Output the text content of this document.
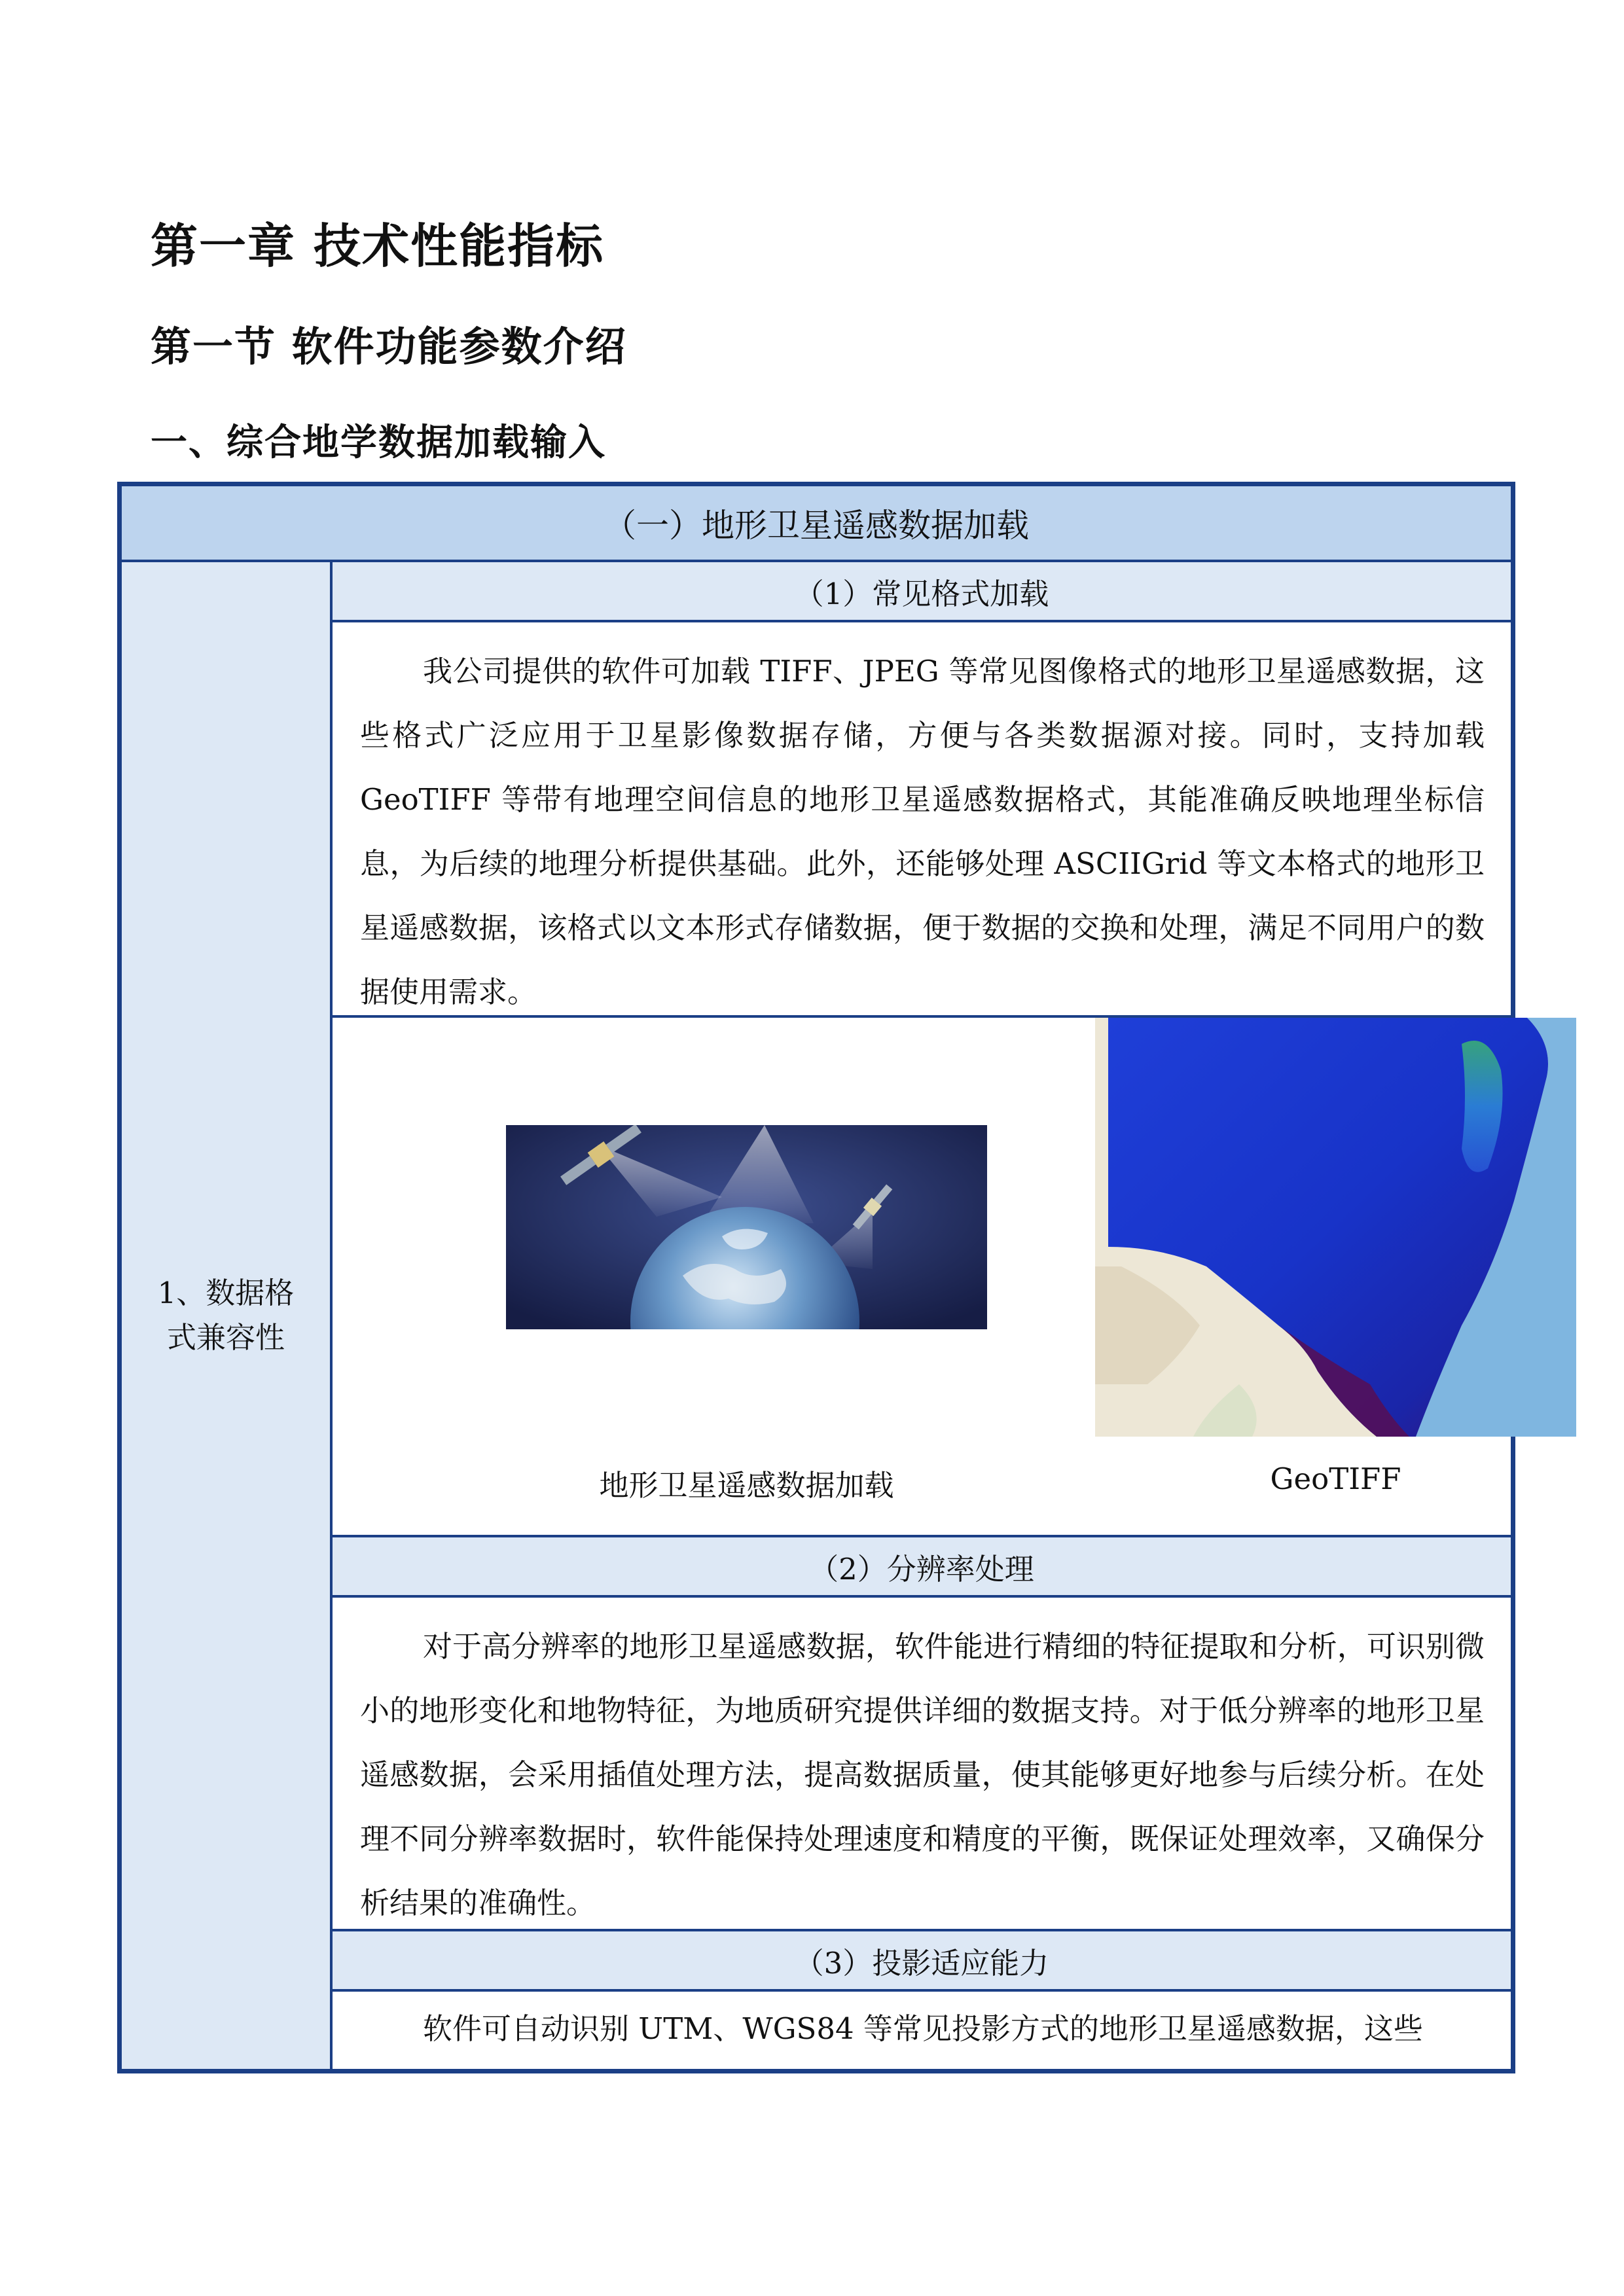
第一章 技术性能指标
第一节 软件功能参数介绍
一、综合地学数据加载输入
（一）地形卫星遥感数据加载
1、数据格式兼容性
（1）常见格式加载
我公司提供的软件可加载 TIFF、JPEG 等常见图像格式的地形卫星遥感数据，这些格式广泛应用于卫星影像数据存储，方便与各类数据源对接。同时，支持加载 GeoTIFF 等带有地理空间信息的地形卫星遥感数据格式，其能准确反映地理坐标信息，为后续的地理分析提供基础。此外，还能够处理 ASCIIGrid 等文本格式的地形卫星遥感数据，该格式以文本形式存储数据，便于数据的交换和处理，满足不同用户的数据使用需求。
地形卫星遥感数据加载	GeoTIFF
（2）分辨率处理
对于高分辨率的地形卫星遥感数据，软件能进行精细的特征提取和分析，可识别微小的地形变化和地物特征，为地质研究提供详细的数据支持。对于低分辨率的地形卫星遥感数据，会采用插值处理方法，提高数据质量，使其能够更好地参与后续分析。在处理不同分辨率数据时，软件能保持处理速度和精度的平衡，既保证处理效率，又确保分析结果的准确性。
（3）投影适应能力
软件可自动识别 UTM、WGS84 等常见投影方式的地形卫星遥感数据，这些
